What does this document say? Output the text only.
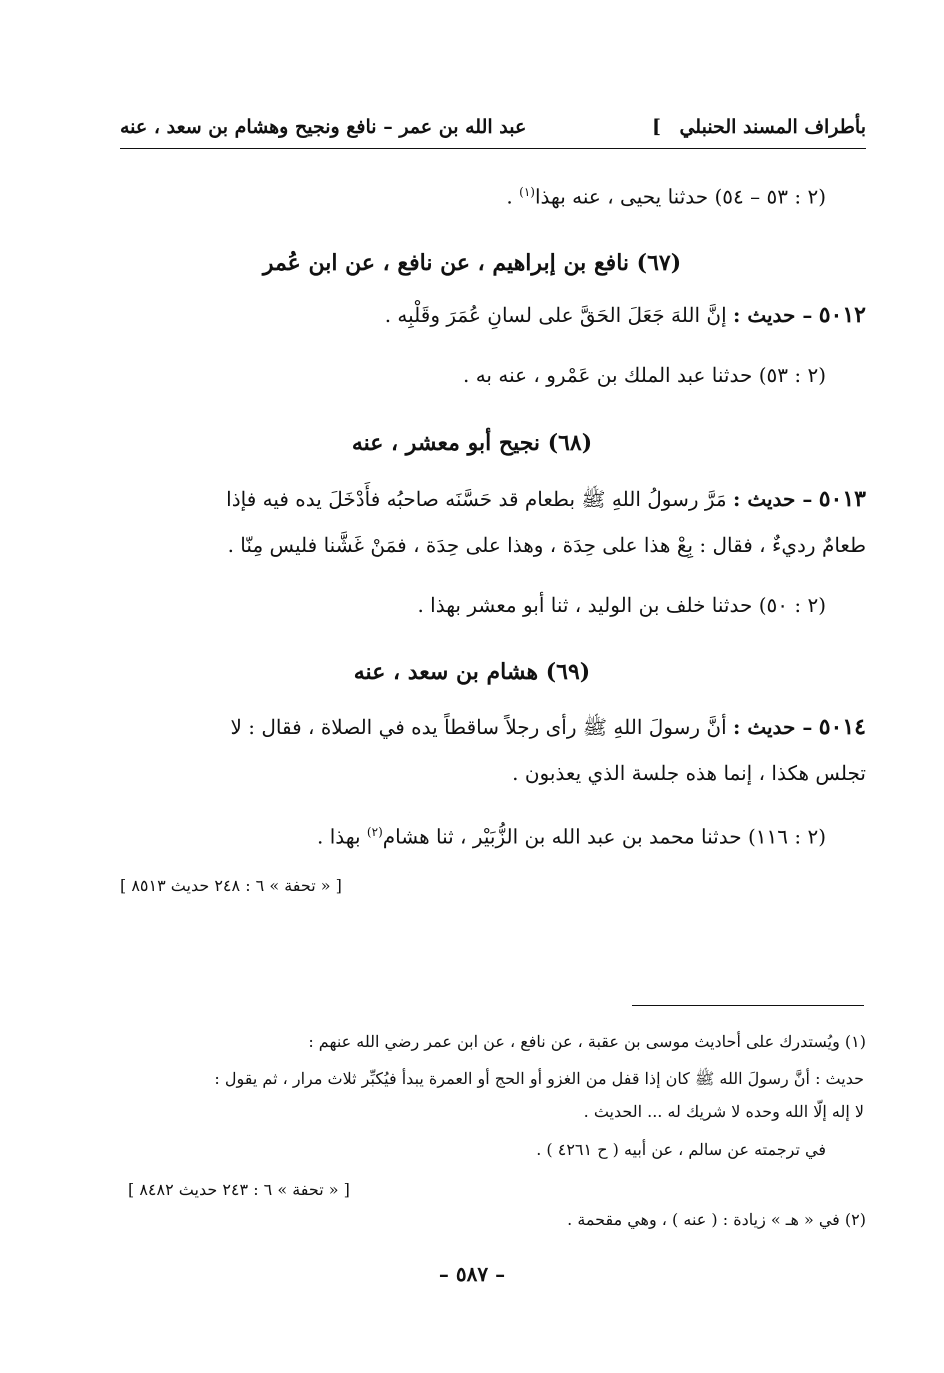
بأطراف المسند الحنبلي
]
عبد الله بن عمر – نافع ونجيح وهشام بن سعد ، عنه
(٢ : ٥٣ – ٥٤) حدثنا يحيى ، عنه بهذا$^{(١)}$ .
(٦٧) نافع بن إبراهيم ، عن نافع ، عن ابن عُمر
٥٠١٢ – حديث : إنَّ اللهَ جَعَلَ الحَقَّ على لسانِ عُمَرَ وقَلْبِه .
(٢ : ٥٣) حدثنا عبد الملك بن عَمْرو ، عنه به .
(٦٨) نجيح أبو معشر ، عنه
٥٠١٣ – حديث : مَرَّ رسولُ اللهِ ﷺ بطعام قد حَسَّنَه صاحبُه فأَدْخَلَ يده فيه فإذا
طعامٌ رديءٌ ، فقال : بِعْ هذا على حِدَة ، وهذا على حِدَة ، فمَنْ غَشَّنا فليس مِنّا .
(٢ : ٥٠) حدثنا خلف بن الوليد ، ثنا أبو معشر بهذا .
(٦٩) هشام بن سعد ، عنه
٥٠١٤ – حديث : أنَّ رسولَ اللهِ ﷺ رأى رجلاً ساقطاً يده في الصلاة ، فقال : لا
تجلس هكذا ، إنما هذه جلسة الذي يعذبون .
(٢ : ١١٦) حدثنا محمد بن عبد الله بن الزُّبَيْر ، ثنا هشام$^{(٢)}$ بهذا .
[ « تحفة » ٦ : ٢٤٨ حديث ٨٥١٣ ]
(١) ويُستدرك على أحاديث موسى بن عقبة ، عن نافع ، عن ابن عمر رضي الله عنهم :
حديث : أنَّ رسولَ الله ﷺ كان إذا قفل من الغزو أو الحج أو العمرة يبدأ فيُكبِّر ثلاث مرار ، ثم يقول :
لا إله إلّا الله وحده لا شريك له ... الحديث .
في ترجمته عن سالم ، عن أبيه ( ح ٤٢٦١ ) .
[ « تحفة » ٦ : ٢٤٣ حديث ٨٤٨٢ ]
(٢) في « هـ » زيادة : ( عنه ) ، وهي مقحمة .
– ٥٨٧ –
